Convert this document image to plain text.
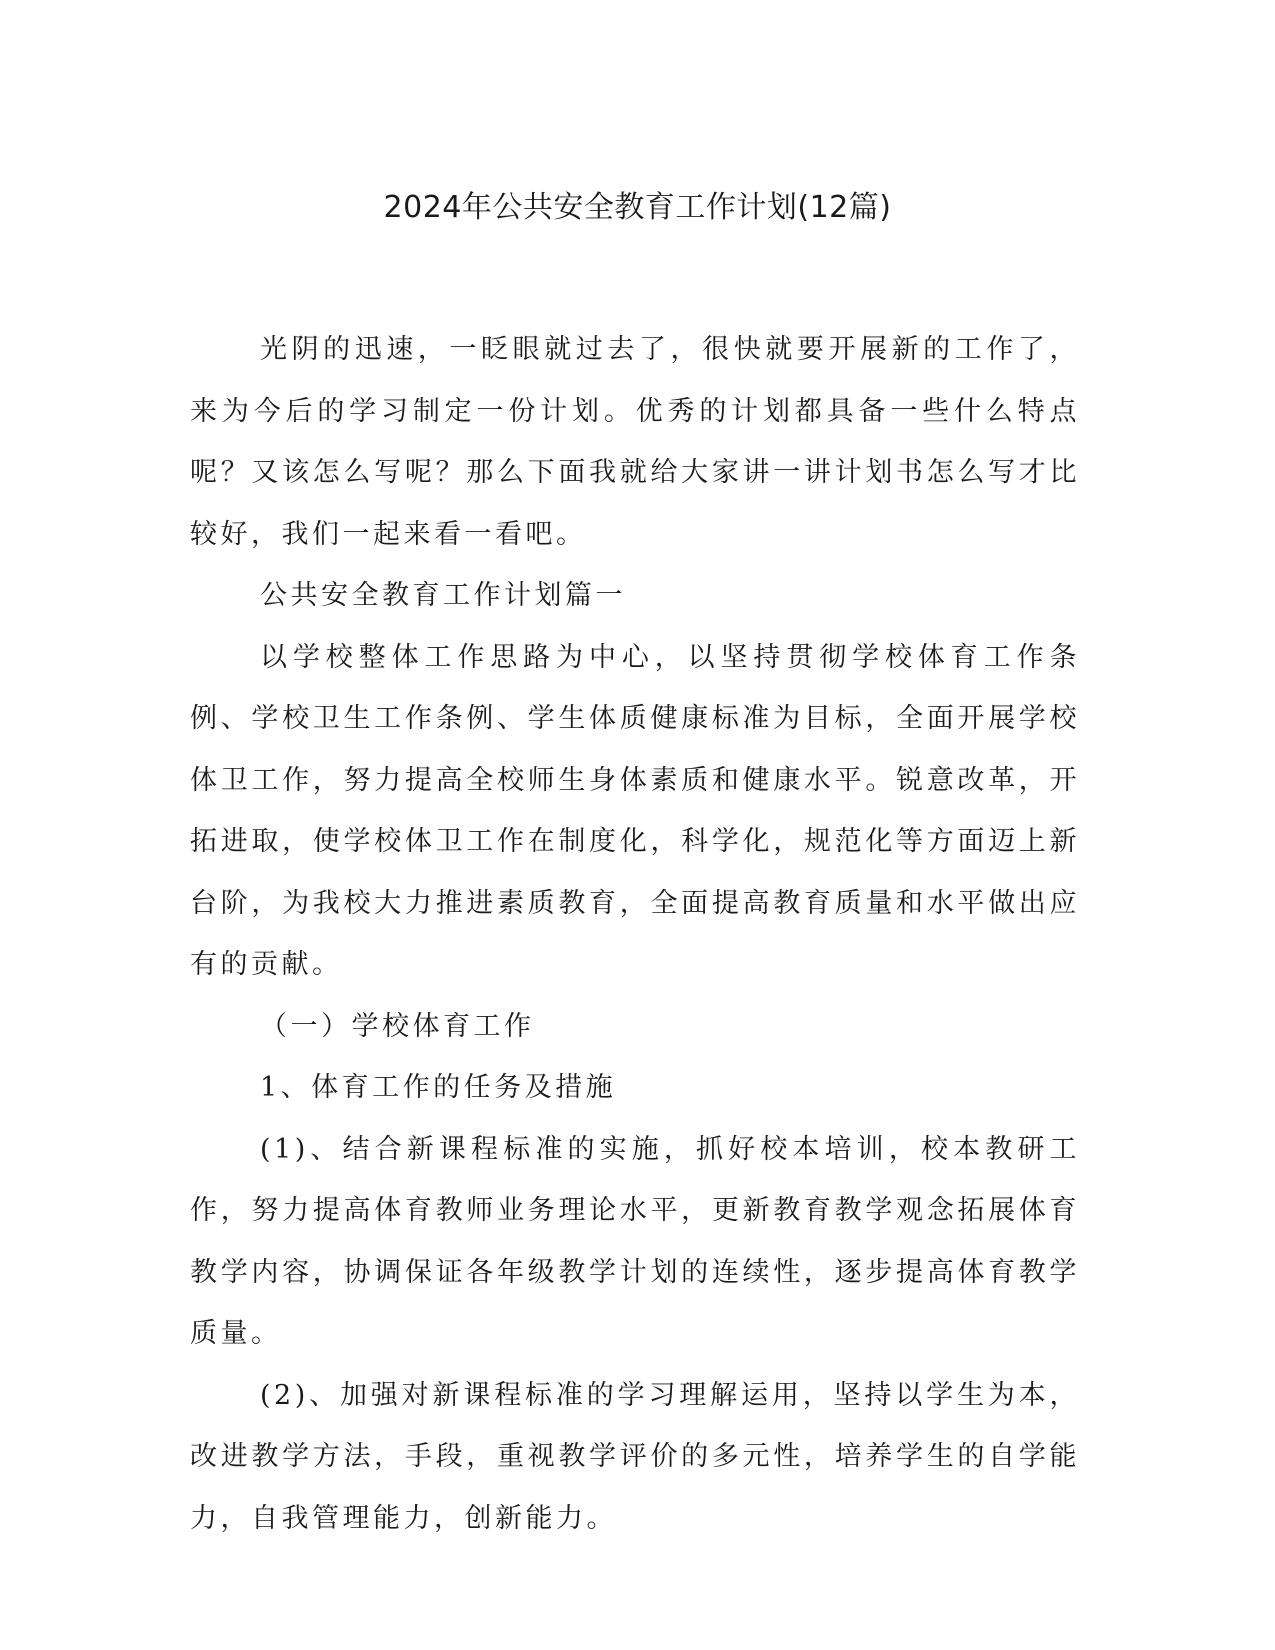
2024年公共安全教育工作计划(12篇)

光阴的迅速，一眨眼就过去了，很快就要开展新的工作了，来为今后的学习制定一份计划。优秀的计划都具备一些什么特点呢？又该怎么写呢？那么下面我就给大家讲一讲计划书怎么写才比较好，我们一起来看一看吧。

公共安全教育工作计划篇一

以学校整体工作思路为中心，以坚持贯彻学校体育工作条例、学校卫生工作条例、学生体质健康标准为目标，全面开展学校体卫工作，努力提高全校师生身体素质和健康水平。锐意改革，开拓进取，使学校体卫工作在制度化，科学化，规范化等方面迈上新台阶，为我校大力推进素质教育，全面提高教育质量和水平做出应有的贡献。

（一）学校体育工作

1、体育工作的任务及措施

(1)、结合新课程标准的实施，抓好校本培训，校本教研工作，努力提高体育教师业务理论水平，更新教育教学观念拓展体育教学内容，协调保证各年级教学计划的连续性，逐步提高体育教学质量。

(2)、加强对新课程标准的学习理解运用，坚持以学生为本，改进教学方法，手段，重视教学评价的多元性，培养学生的自学能力，自我管理能力，创新能力。
